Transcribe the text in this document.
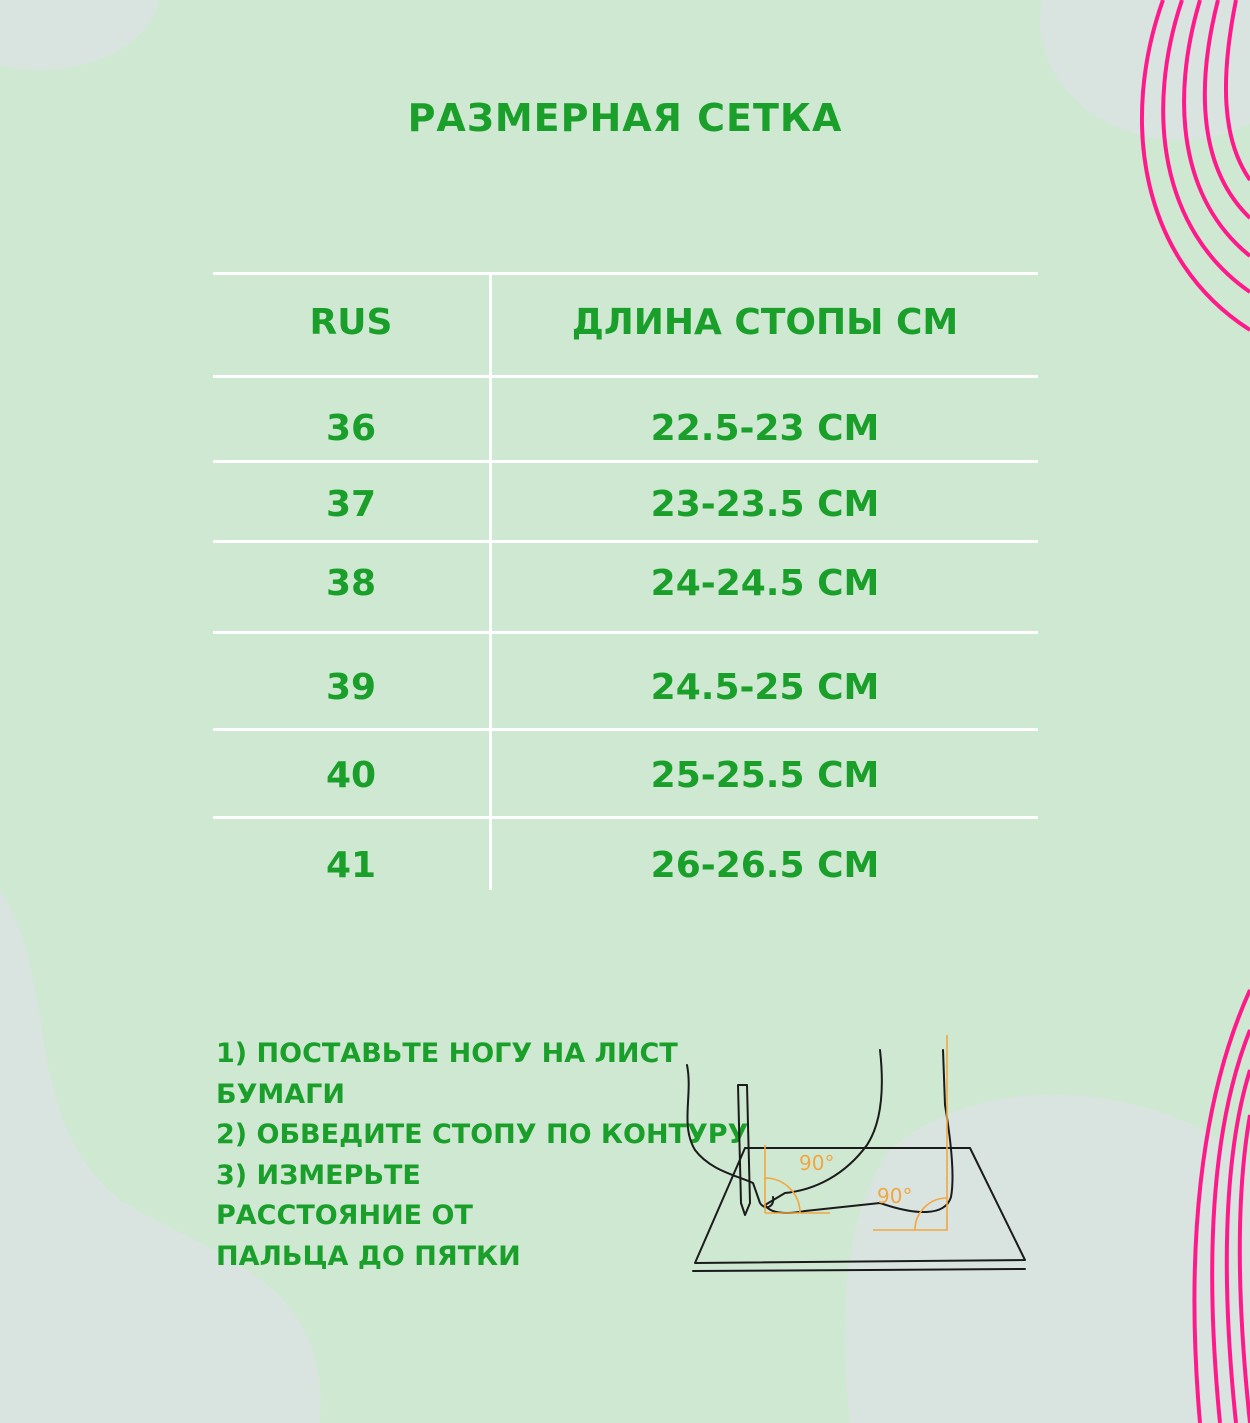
РАЗМЕРНАЯ СЕТКА
RUS	ДЛИНА СТОПЫ СМ
36	22.5-23 СМ
37	23-23.5 СМ
38	24-24.5 СМ
39	24.5-25 СМ
40	25-25.5 СМ
41	26-26.5 СМ
1) ПОСТАВЬТЕ НОГУ НА ЛИСТ
БУМАГИ
2) ОБВЕДИТЕ СТОПУ ПО КОНТУРУ
3) ИЗМЕРЬТЕ
РАССТОЯНИЕ ОТ
ПАЛЬЦА ДО ПЯТКИ
90°
90°
